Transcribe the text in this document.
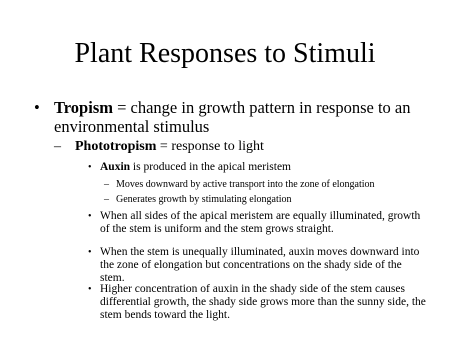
Plant Responses to Stimuli
• Tropism = change in growth pattern in response to an environmental stimulus
–	Phototropism = response to light
• Auxin is produced in the apical meristem
– Moves downward by active transport into the zone of elongation
– Generates growth by stimulating elongation
• When all sides of the apical meristem are equally illuminated, growth of the stem is uniform and the stem grows straight.
• When the stem is unequally illuminated, auxin moves downward into the zone of elongation but concentrations on the shady side of the stem.
• Higher concentration of auxin in the shady side of the stem causes differential growth, the shady side grows more than the sunny side, the stem bends toward the light.
